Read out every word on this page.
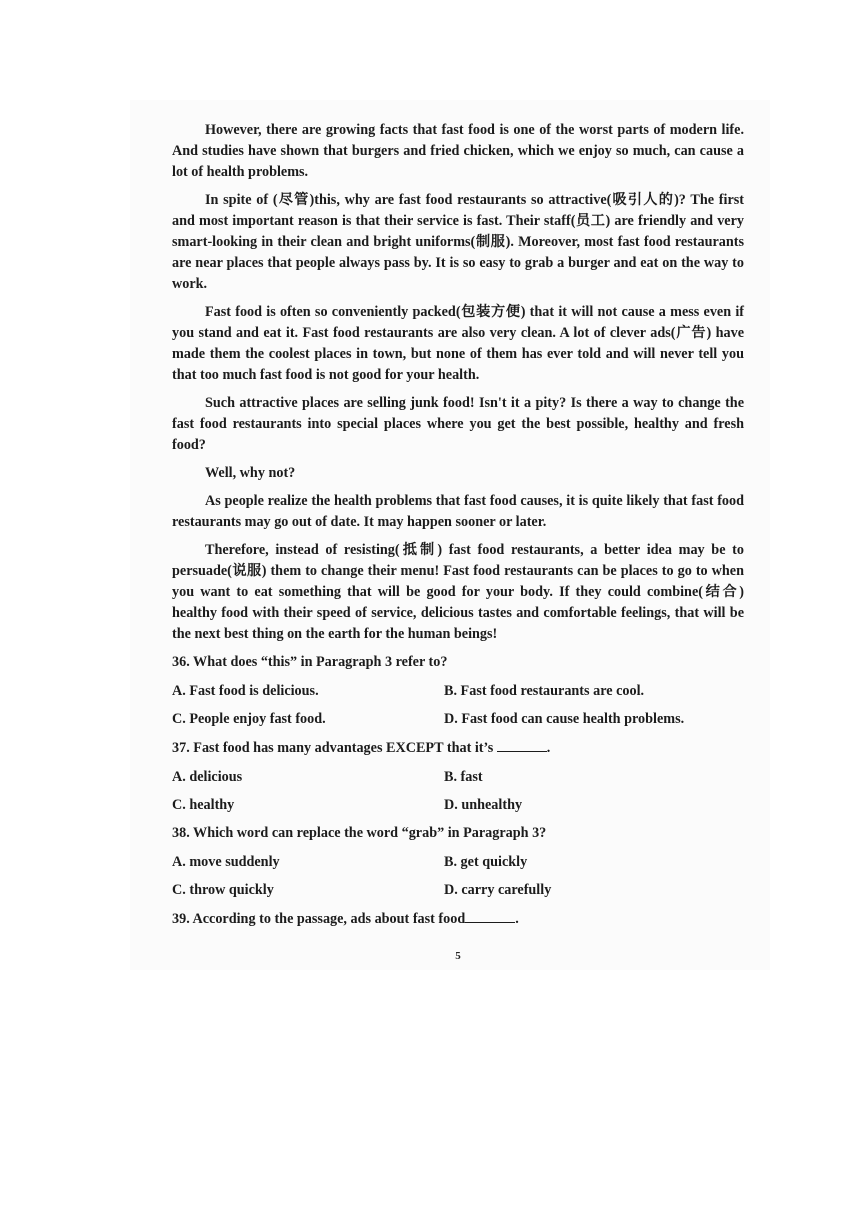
However, there are growing facts that fast food is one of the worst parts of modern life. And studies have shown that burgers and fried chicken, which we enjoy so much, can cause a lot of health problems.

In spite of (尽管)this, why are fast food restaurants so attractive(吸引人的)? The first and most important reason is that their service is fast. Their staff(员工) are friendly and very smart-looking in their clean and bright uniforms(制服). Moreover, most fast food restaurants are near places that people always pass by. It is so easy to grab a burger and eat on the way to work.

Fast food is often so conveniently packed(包装方便) that it will not cause a mess even if you stand and eat it. Fast food restaurants are also very clean. A lot of clever ads(广告) have made them the coolest places in town, but none of them has ever told and will never tell you that too much fast food is not good for your health.

Such attractive places are selling junk food! Isn't it a pity? Is there a way to change the fast food restaurants into special places where you get the best possible, healthy and fresh food?

Well, why not?

As people realize the health problems that fast food causes, it is quite likely that fast food restaurants may go out of date. It may happen sooner or later.

Therefore, instead of resisting(抵制) fast food restaurants, a better idea may be to persuade(说服) them to change their menu! Fast food restaurants can be places to go to when you want to eat something that will be good for your body. If they could combine(结合) healthy food with their speed of service, delicious tastes and comfortable feelings, that will be the next best thing on the earth for the human beings!

36. What does “this” in Paragraph 3 refer to?
A. Fast food is delicious.	B. Fast food restaurants are cool.
C. People enjoy fast food.	D. Fast food can cause health problems.
37. Fast food has many advantages EXCEPT that it’s	.
A. delicious	B. fast
C. healthy	D. unhealthy
38. Which word can replace the word “grab” in Paragraph 3?
A. move suddenly	B. get quickly
C. throw quickly	D. carry carefully
39. According to the passage, ads about fast food	.
5
